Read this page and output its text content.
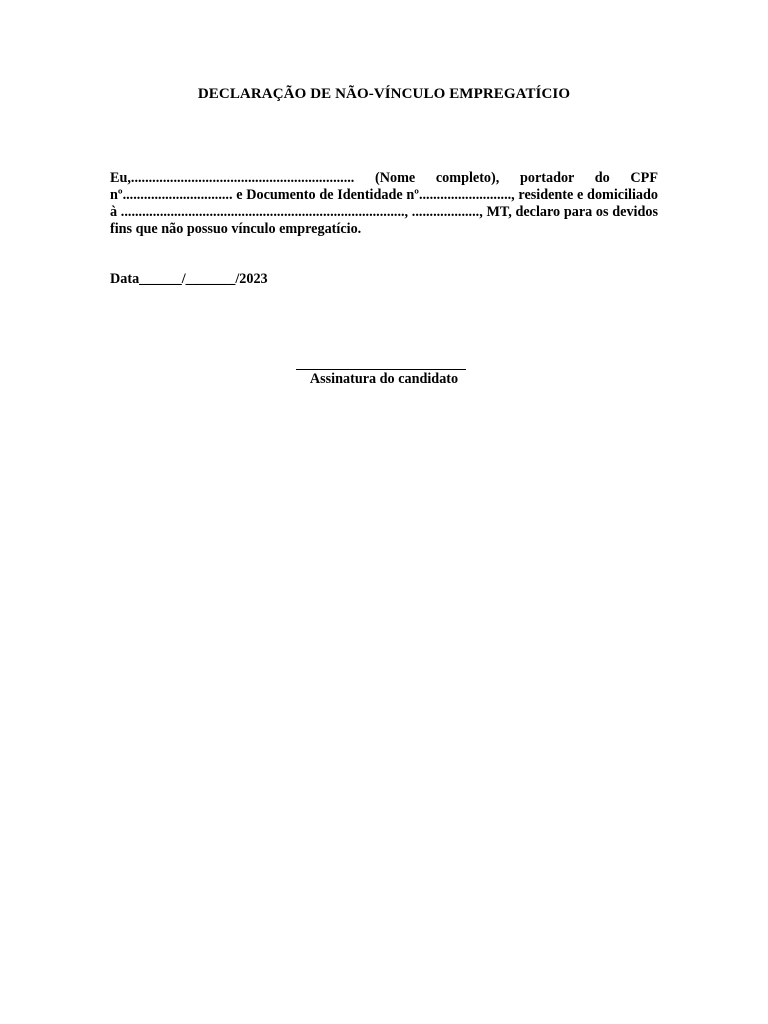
DECLARAÇÃO DE NÃO-VÍNCULO EMPREGATÍCIO
Eu,............................................................... (Nome completo), portador do CPF nº............................... e Documento de Identidade nº.........................., residente e domiciliado à ................................................................................, ..................., MT, declaro para os devidos fins que não possuo vínculo empregatício.
Data______/_______/2023
Assinatura do candidato
